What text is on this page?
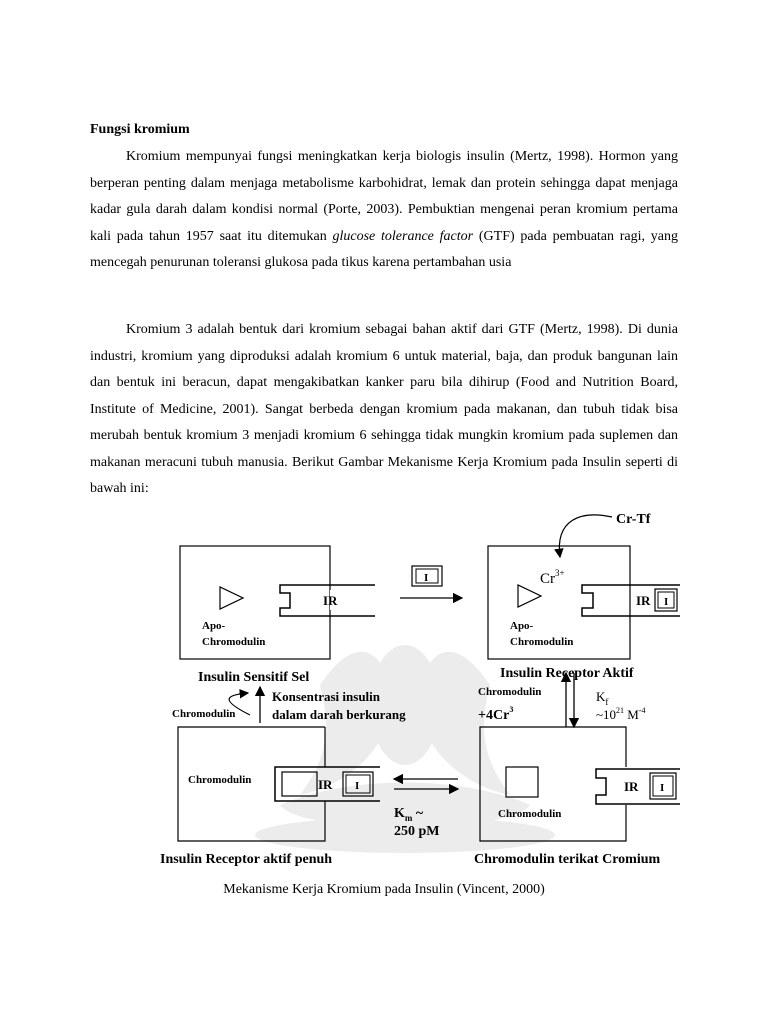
Fungsi kromium

Kromium mempunyai fungsi meningkatkan kerja biologis insulin (Mertz, 1998). Hormon yang berperan penting dalam menjaga metabolisme karbohidrat, lemak dan protein sehingga dapat menjaga kadar gula darah dalam kondisi normal (Porte, 2003). Pembuktian mengenai peran kromium pertama kali pada tahun 1957 saat itu ditemukan glucose tolerance factor (GTF) pada pembuatan ragi, yang mencegah penurunan toleransi glukosa pada tikus karena pertambahan usia

Kromium 3 adalah bentuk dari kromium sebagai bahan aktif dari GTF (Mertz, 1998). Di dunia industri, kromium yang diproduksi adalah kromium 6 untuk material, baja, dan produk bangunan lain dan bentuk ini beracun, dapat mengakibatkan kanker paru bila dihirup (Food and Nutrition Board, Institute of Medicine, 2001). Sangat berbeda dengan kromium pada makanan, dan tubuh tidak bisa merubah bentuk kromium 3 menjadi kromium 6 sehingga tidak mungkin kromium pada suplemen dan makanan meracuni tubuh manusia. Berikut Gambar Mekanisme Kerja Kromium pada Insulin seperti di bawah ini:

IR
Apo-
Chromodulin
I
Cr-Tf
$Cr^{3+}$
IR I
Apo-
Chromodulin
Insulin Sensitif Sel	Insulin Receptor Aktif
Chromodulin
Konsentrasi insulin
dalam darah berkurang
Chromodulin
$+4Cr^3$
$K_f$
$\sim 10^{21}$ $M^{-4}$
Chromodulin	IR I
$K_m$ ~
250 pM
Chromodulin
IR I
Insulin Receptor aktif penuh	Chromodulin terikat Cromium
Mekanisme Kerja Kromium pada Insulin (Vincent, 2000)
